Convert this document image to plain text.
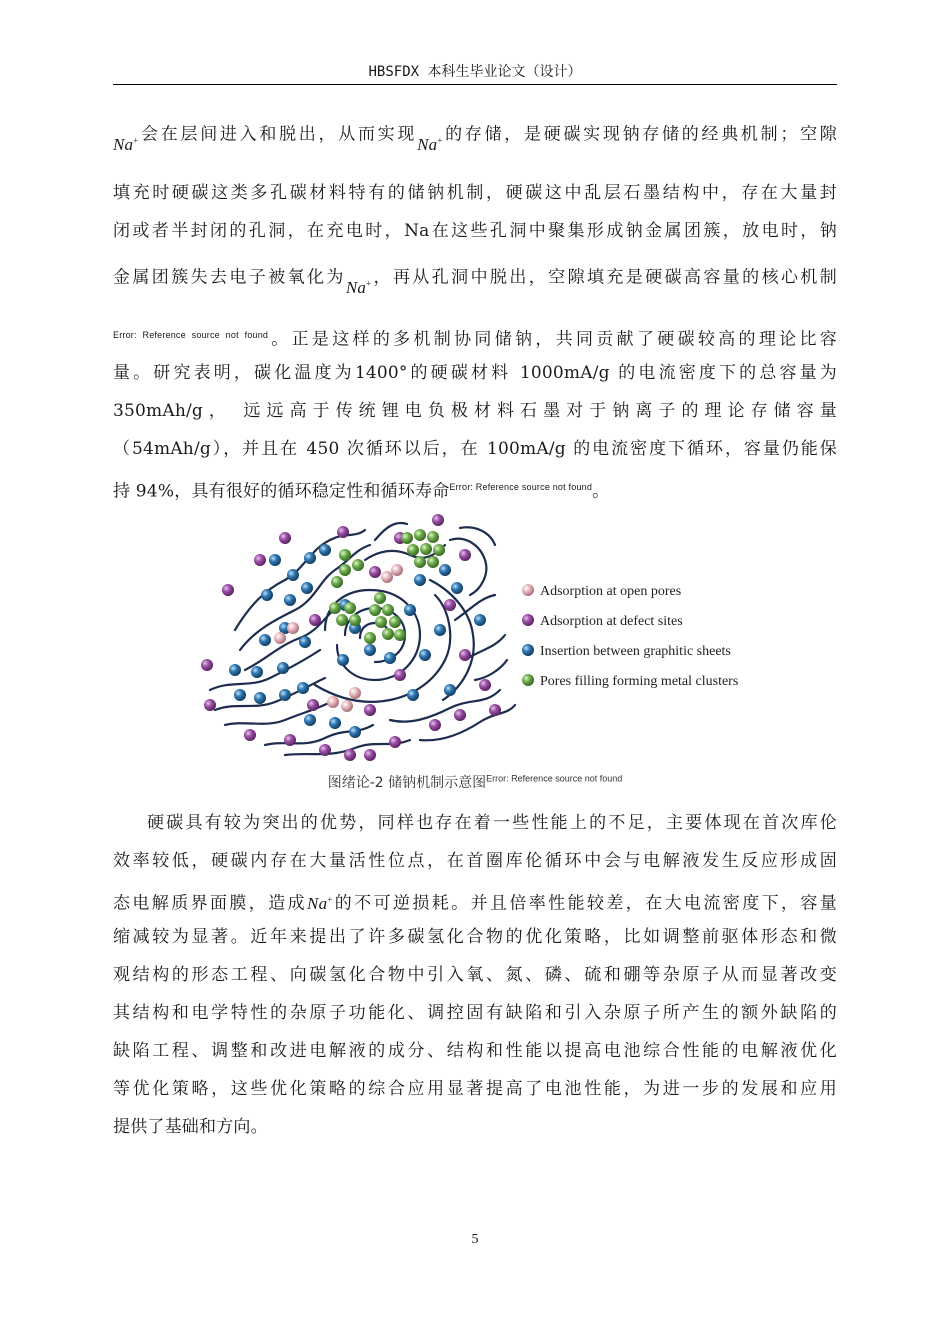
HBSFDX 本科生毕业论文（设计）
Na+会在层间进入和脱出，从而实现Na+的存储，是硬碳实现钠存储的经典机制；空隙
填充时硬碳这类多孔碳材料特有的储钠机制，硬碳这中乱层石墨结构中，存在大量封
闭或者半封闭的孔洞，在充电时，Na在这些孔洞中聚集形成钠金属团簇，放电时，钠
金属团簇失去电子被氧化为Na+，再从孔洞中脱出，空隙填充是硬碳高容量的核心机制
$^{Error: Reference source not found}$。正是这样的多机制协同储钠，共同贡献了硬碳较高的理论比容
量。研究表明，碳化温度为1400°的硬碳材料 1000mA/g 的电流密度下的总容量为
350mAh/g， 远远高于传统锂电负极材料石墨对于钠离子的理论存储容量
（54mAh/g），并且在 450 次循环以后，在 100mA/g 的电流密度下循环，容量仍能保
持 94%，具有很好的循环稳定性和循环寿命$^{Error: Reference source not found}$。
Adsorption at open pores
Adsorption at defect sites
Insertion between graphitic sheets
Pores filling forming metal clusters
图绪论-2 储钠机制示意图$^{Error: Reference source not found}$
硬碳具有较为突出的优势，同样也存在着一些性能上的不足，主要体现在首次库伦
效率较低，硬碳内存在大量活性位点，在首圈库伦循环中会与电解液发生反应形成固
态电解质界面膜，造成Na+的不可逆损耗。并且倍率性能较差，在大电流密度下，容量
缩减较为显著。近年来提出了许多碳氢化合物的优化策略，比如调整前驱体形态和微
观结构的形态工程、向碳氢化合物中引入氧、氮、磷、硫和硼等杂原子从而显著改变
其结构和电学特性的杂原子功能化、调控固有缺陷和引入杂原子所产生的额外缺陷的
缺陷工程、调整和改进电解液的成分、结构和性能以提高电池综合性能的电解液优化
等优化策略，这些优化策略的综合应用显著提高了电池性能，为进一步的发展和应用
提供了基础和方向。
5
